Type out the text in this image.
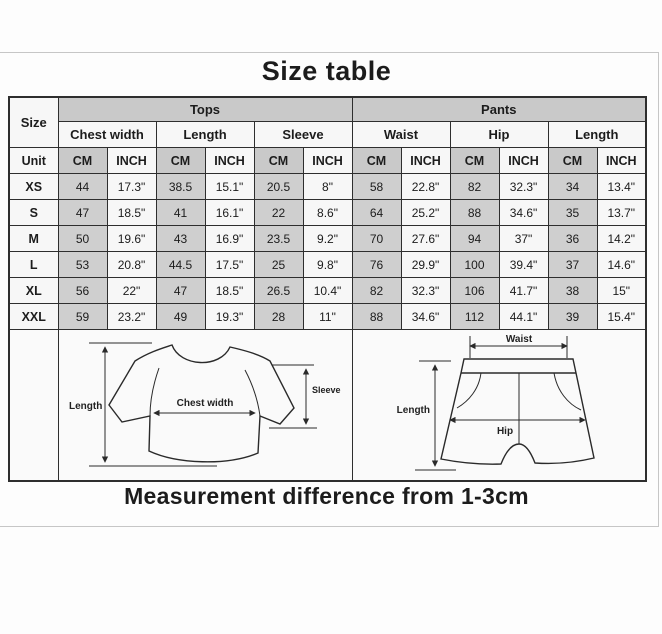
Size table
Size	Tops						Pants					
	Chest width		Length		Sleeve		Waist		Hip		Length	
Unit	CM	INCH	CM	INCH	CM	INCH	CM	INCH	CM	INCH	CM	INCH
XS	44	17.3"	38.5	15.1"	20.5	8"	58	22.8"	82	32.3"	34	13.4"
S	47	18.5"	41	16.1"	22	8.6"	64	25.2"	88	34.6"	35	13.7"
M	50	19.6"	43	16.9"	23.5	9.2"	70	27.6"	94	37"	36	14.2"
L	53	20.8"	44.5	17.5"	25	9.8"	76	29.9"	100	39.4"	37	14.6"
XL	56	22"	47	18.5"	26.5	10.4"	82	32.3"	106	41.7"	38	15"
XXL	59	23.2"	49	19.3"	28	11"	88	34.6"	112	44.1"	39	15.4"

Length Chest width
Sleeve						Waist
Length
Hip					
Measurement difference from 1-3cm
